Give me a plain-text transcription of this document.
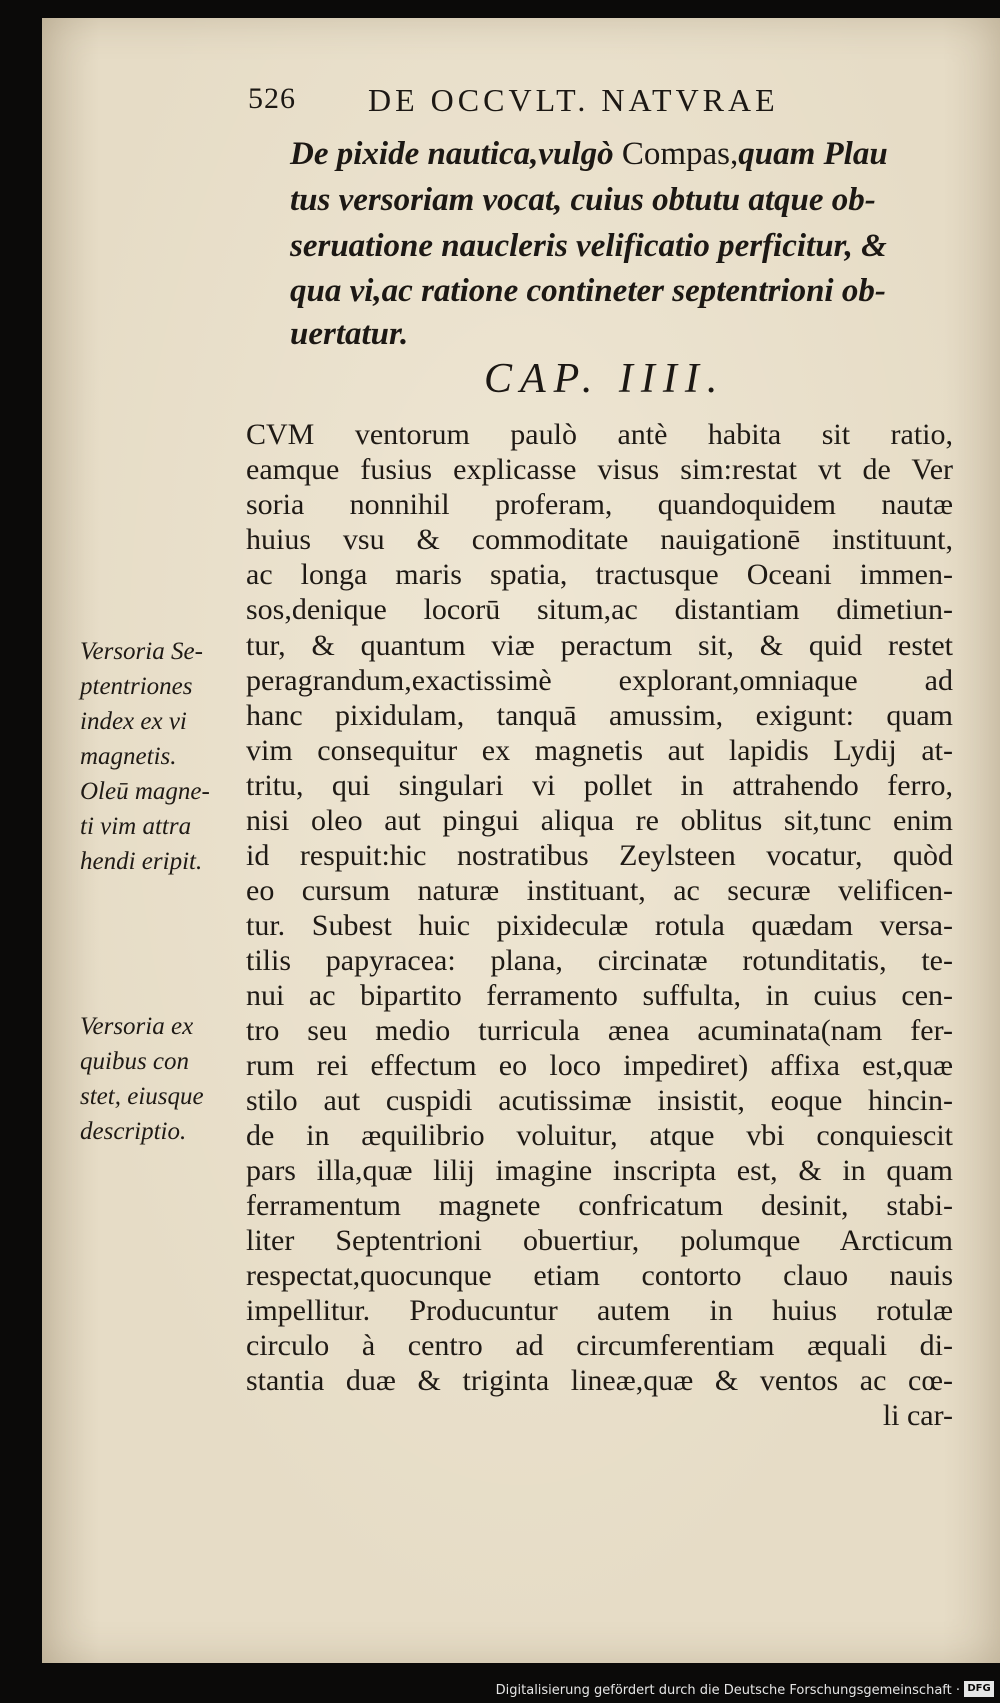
526 DE OCCVLT. NATVRAE
De pixide nautica,vulgò Compas,quam Plau
tus versoriam vocat, cuius obtutu atque ob-
seruatione naucleris velificatio perficitur, &
qua vi,ac ratione contineter septentrioni ob-
uertatur.
CAP. IIII.
CVM ventorum paulò antè habita sit ratio,
eamque fusius explicasse visus sim:restat vt de Ver
soria nonnihil proferam, quandoquidem nautæ
huius vsu & commoditate nauigationē instituunt,
ac longa maris spatia, tractusque Oceani immen-
sos,denique locorū situm,ac distantiam dimetiun-
tur, & quantum viæ peractum sit, & quid restet
peragrandum,exactissimè explorant,omniaque ad
hanc pixidulam, tanquā amussim, exigunt: quam
vim consequitur ex magnetis aut lapidis Lydij at-
tritu, qui singulari vi pollet in attrahendo ferro,
nisi oleo aut pingui aliqua re oblitus sit,tunc enim
id respuit:hic nostratibus Zeylsteen vocatur, quòd
eo cursum naturæ instituant, ac securæ velificen-
tur. Subest huic pixideculæ rotula quædam versa-
tilis papyracea: plana, circinatæ rotunditatis, te-
nui ac bipartito ferramento suffulta, in cuius cen-
tro seu medio turricula ænea acuminata(nam fer-
rum rei effectum eo loco impediret) affixa est,quæ
stilo aut cuspidi acutissimæ insistit, eoque hincin-
de in æquilibrio voluitur, atque vbi conquiescit
pars illa,quæ lilij imagine inscripta est, & in quam
ferramentum magnete confricatum desinit, stabi-
liter Septentrioni obuertiur, polumque Arcticum
respectat,quocunque etiam contorto clauo nauis
impellitur. Producuntur autem in huius rotulæ
circulo à centro ad circumferentiam æquali di-
stantia duæ & triginta lineæ,quæ & ventos ac cœ-
li car-
Versoria Se-
ptentriones
index ex vi
magnetis.
Oleū magne-
ti vim attra
hendi eripit.
Versoria ex
quibus con
stet, eiusque
descriptio.
Digitalisierung gefördert durch die Deutsche Forschungsgemeinschaft · DFG
